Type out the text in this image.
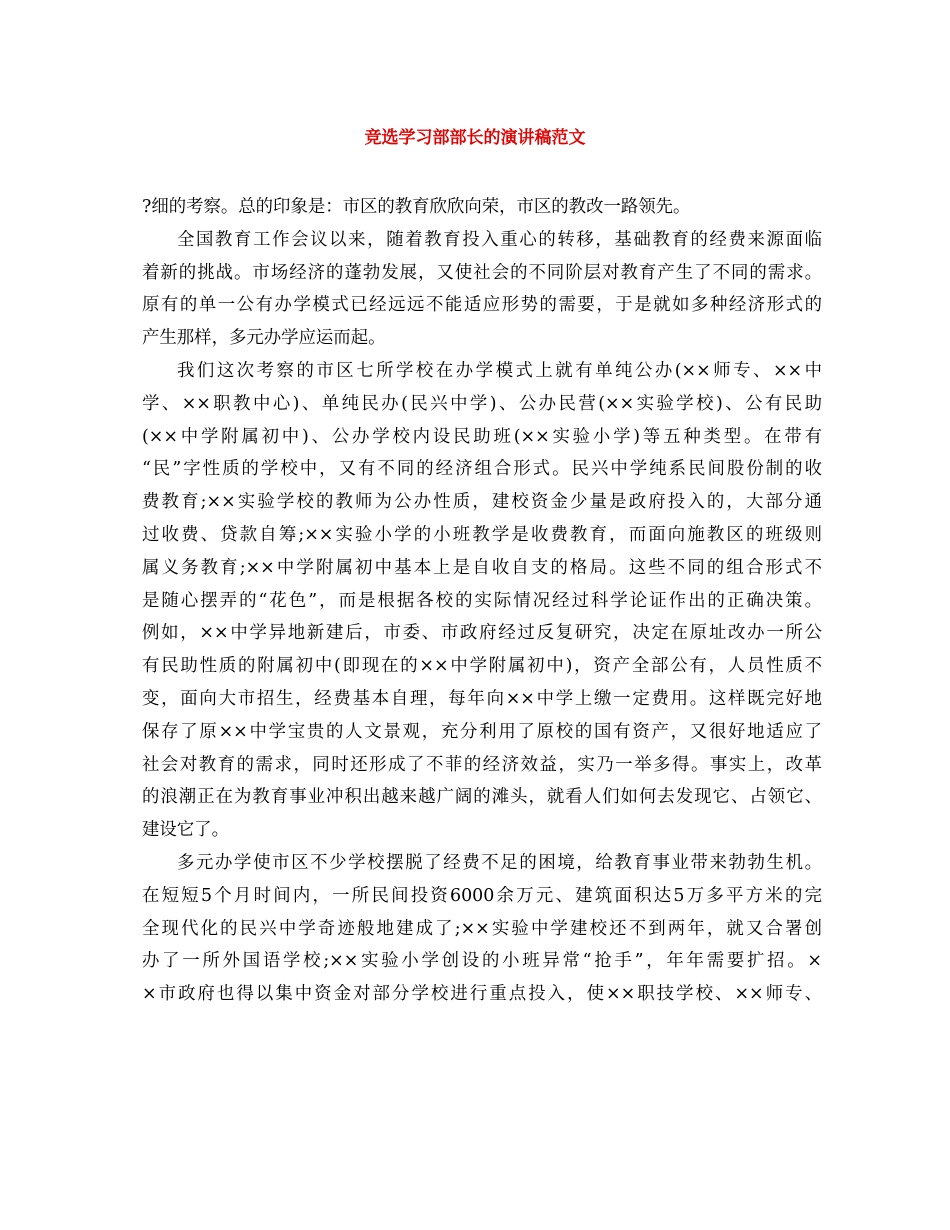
竞选学习部部长的演讲稿范文
?细的考察。总的印象是：市区的教育欣欣向荣，市区的教改一路领先。
全国教育工作会议以来，随着教育投入重心的转移，基础教育的经费来源面临
着新的挑战。市场经济的蓬勃发展，又使社会的不同阶层对教育产生了不同的需求。
原有的单一公有办学模式已经远远不能适应形势的需要，于是就如多种经济形式的
产生那样，多元办学应运而起。
我们这次考察的市区七所学校在办学模式上就有单纯公办(××师专、××中
学、××职教中心)、单纯民办(民兴中学)、公办民营(××实验学校)、公有民助
(××中学附属初中)、公办学校内设民助班(××实验小学)等五种类型。在带有
“民”字性质的学校中，又有不同的经济组合形式。民兴中学纯系民间股份制的收
费教育;××实验学校的教师为公办性质，建校资金少量是政府投入的，大部分通
过收费、贷款自筹;××实验小学的小班教学是收费教育，而面向施教区的班级则
属义务教育;××中学附属初中基本上是自收自支的格局。这些不同的组合形式不
是随心摆弄的“花色”，而是根据各校的实际情况经过科学论证作出的正确决策。
例如，××中学异地新建后，市委、市政府经过反复研究，决定在原址改办一所公
有民助性质的附属初中(即现在的××中学附属初中)，资产全部公有，人员性质不
变，面向大市招生，经费基本自理，每年向××中学上缴一定费用。这样既完好地
保存了原××中学宝贵的人文景观，充分利用了原校的国有资产，又很好地适应了
社会对教育的需求，同时还形成了不菲的经济效益，实乃一举多得。事实上，改革
的浪潮正在为教育事业冲积出越来越广阔的滩头，就看人们如何去发现它、占领它、
建设它了。
多元办学使市区不少学校摆脱了经费不足的困境，给教育事业带来勃勃生机。
在短短5个月时间内，一所民间投资6000余万元、建筑面积达5万多平方米的完
全现代化的民兴中学奇迹般地建成了;××实验中学建校还不到两年，就又合署创
办了一所外国语学校;××实验小学创设的小班异常“抢手”，年年需要扩招。×
×市政府也得以集中资金对部分学校进行重点投入，使××职技学校、××师专、
